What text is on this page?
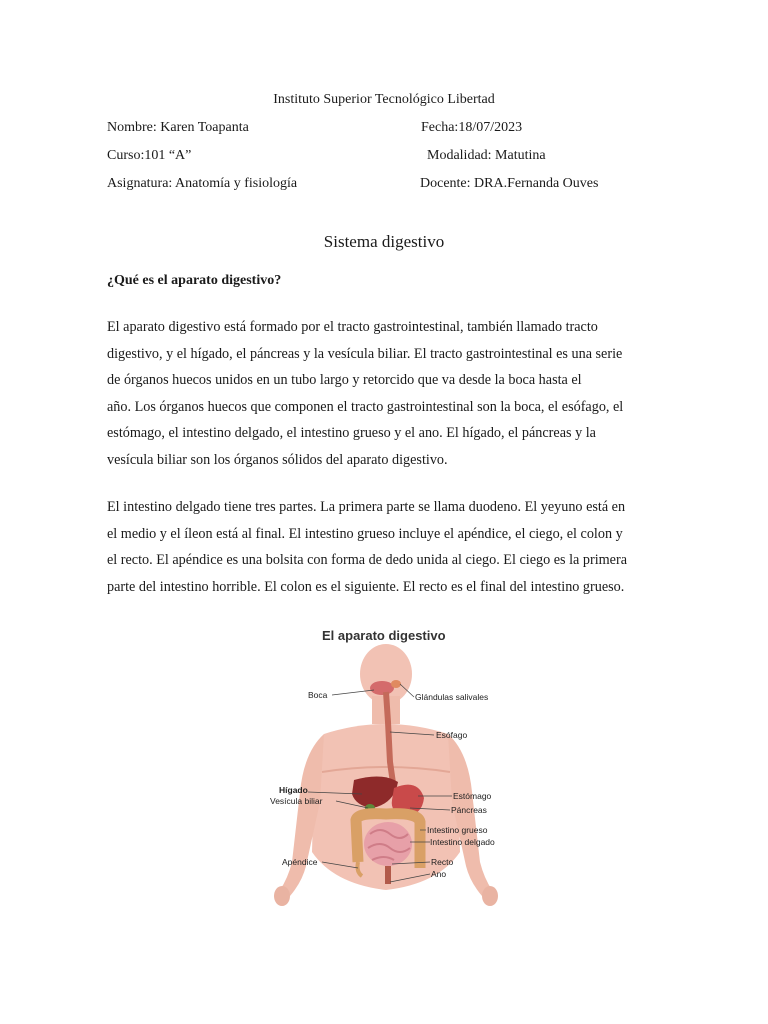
Instituto Superior Tecnológico Libertad
Nombre: Karen Toapanta	Fecha:18/07/2023
Curso:101 “A”	Modalidad: Matutina
Asignatura: Anatomía y fisiología	Docente: DRA.Fernanda Ouves
Sistema digestivo
¿Qué es el aparato digestivo?

El aparato digestivo está formado por el tracto gastrointestinal, también llamado tracto
digestivo, y el hígado, el páncreas y la vesícula biliar. El tracto gastrointestinal es una serie
de órganos huecos unidos en un tubo largo y retorcido que va desde la boca hasta el
año. Los órganos huecos que componen el tracto gastrointestinal son la boca, el esófago, el
estómago, el intestino delgado, el intestino grueso y el ano. El hígado, el páncreas y la
vesícula biliar son los órganos sólidos del aparato digestivo.

El intestino delgado tiene tres partes. La primera parte se llama duodeno. El yeyuno está en
el medio y el íleon está al final. El intestino grueso incluye el apéndice, el ciego, el colon y
el recto. El apéndice es una bolsita con forma de dedo unida al ciego. El ciego es la primera
parte del intestino horrible. El colon es el siguiente. El recto es el final del intestino grueso.

Boca	Glándulas salivales
Esófago
Hígado
Vesícula biliar	Estómago
Páncreas
Intestino grueso
Intestino delgado
Apéndice	Recto
Ano
El aparato digestivo
